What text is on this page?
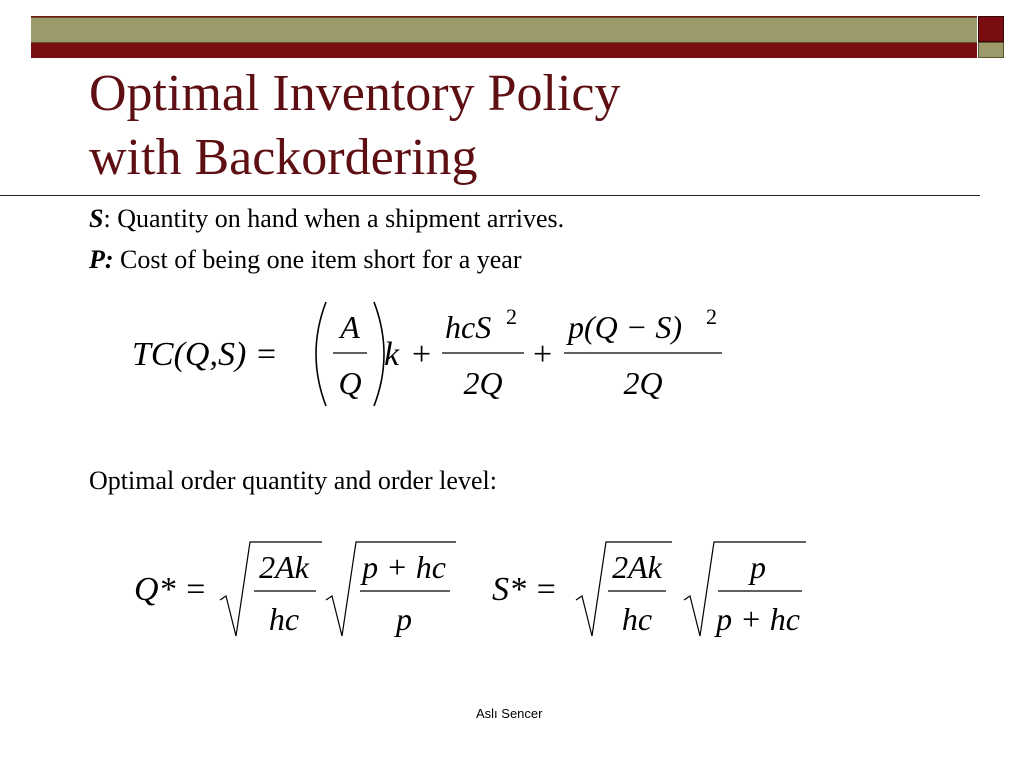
Optimal Inventory Policy
with Backordering
S: Quantity on hand when a shipment arrives.
P: Cost of being one item short for a year
TC(Q,S) =
A
Q
k +
hcS 2
2Q
+
p(Q − S) 2
2Q
Optimal order quantity and order level:
Q* =
2Ak
hc
p + hc
p
S* =
2Ak
hc
p
p + hc
Aslı Sencer
